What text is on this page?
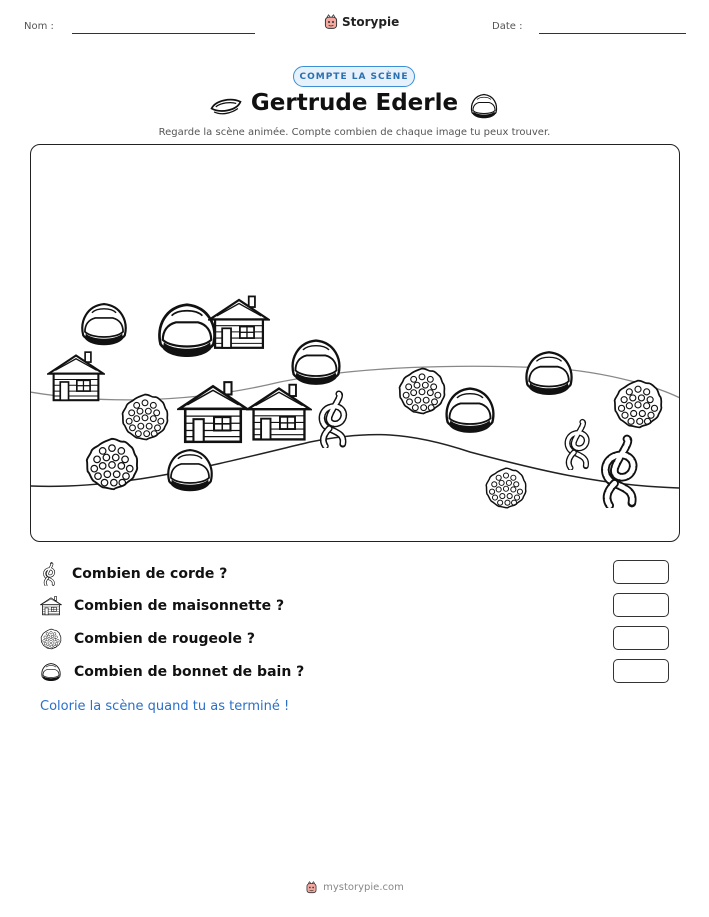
Nom :	Storypie	Date :
COMPTE LA SCÈNE
Gertrude Ederle
Regarde la scène animée. Compte combien de chaque image tu peux trouver.
Combien de corde ?
Combien de maisonnette ?
Combien de rougeole ?
Combien de bonnet de bain ?
Colorie la scène quand tu as terminé !
mystorypie.com
